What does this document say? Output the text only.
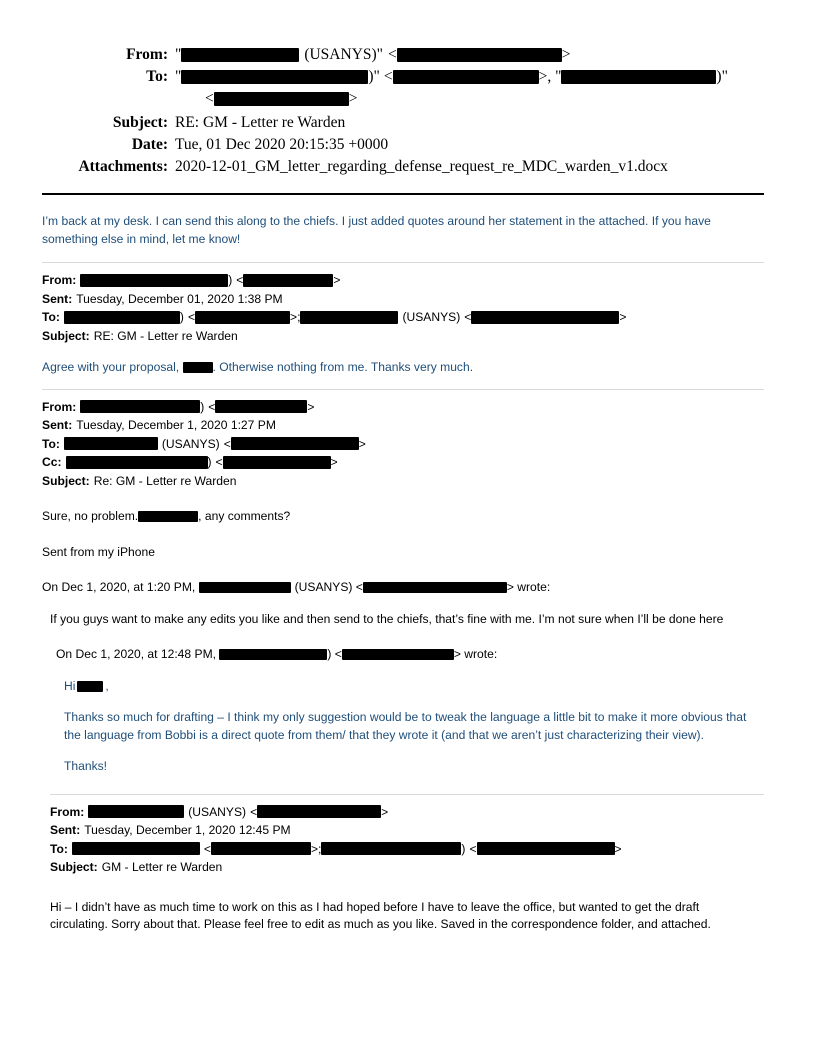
From: "	(USANYS)" <	>
To: "	)" <	>, "	)"
<	>
Subject: RE: GM - Letter re Warden
Date: Tue, 01 Dec 2020 20:15:35 +0000
Attachments: 2020-12-01_GM_letter_regarding_defense_request_re_MDC_warden_v1.docx

I’m back at my desk. I can send this along to the chiefs. I just added quotes around her statement in the attached. If you have something else in mind, let me know!

From:	) <	>
Sent: Tuesday, December 01, 2020 1:38 PM
To:	) <	>;	(USANYS) <	>
Subject: RE: GM - Letter re Warden

Agree with your proposal, . Otherwise nothing from me. Thanks very much.

From:	) <	>
Sent: Tuesday, December 1, 2020 1:27 PM
To:	(USANYS) <	>
Cc:	) <	>
Subject: Re: GM - Letter re Warden

Sure, no problem.	, any comments?

Sent from my iPhone

On Dec 1, 2020, at 1:20 PM,	(USANYS) <	> wrote:

If you guys want to make any edits you like and then send to the chiefs, that’s fine with me. I’m not sure when I’ll be done here

On Dec 1, 2020, at 12:48 PM,	) <	> wrote:

Hi ,

Thanks so much for drafting – I think my only suggestion would be to tweak the language a little bit to make it more obvious that the language from Bobbi is a direct quote from them/ that they wrote it (and that we aren’t just characterizing their view).

Thanks!

From:	(USANYS) <	>
Sent: Tuesday, December 1, 2020 12:45 PM
To:	<	>;	) <	>
Subject: GM - Letter re Warden

Hi – I didn’t have as much time to work on this as I had hoped before I have to leave the office, but wanted to get the draft circulating. Sorry about that. Please feel free to edit as much as you like. Saved in the correspondence folder, and attached.
